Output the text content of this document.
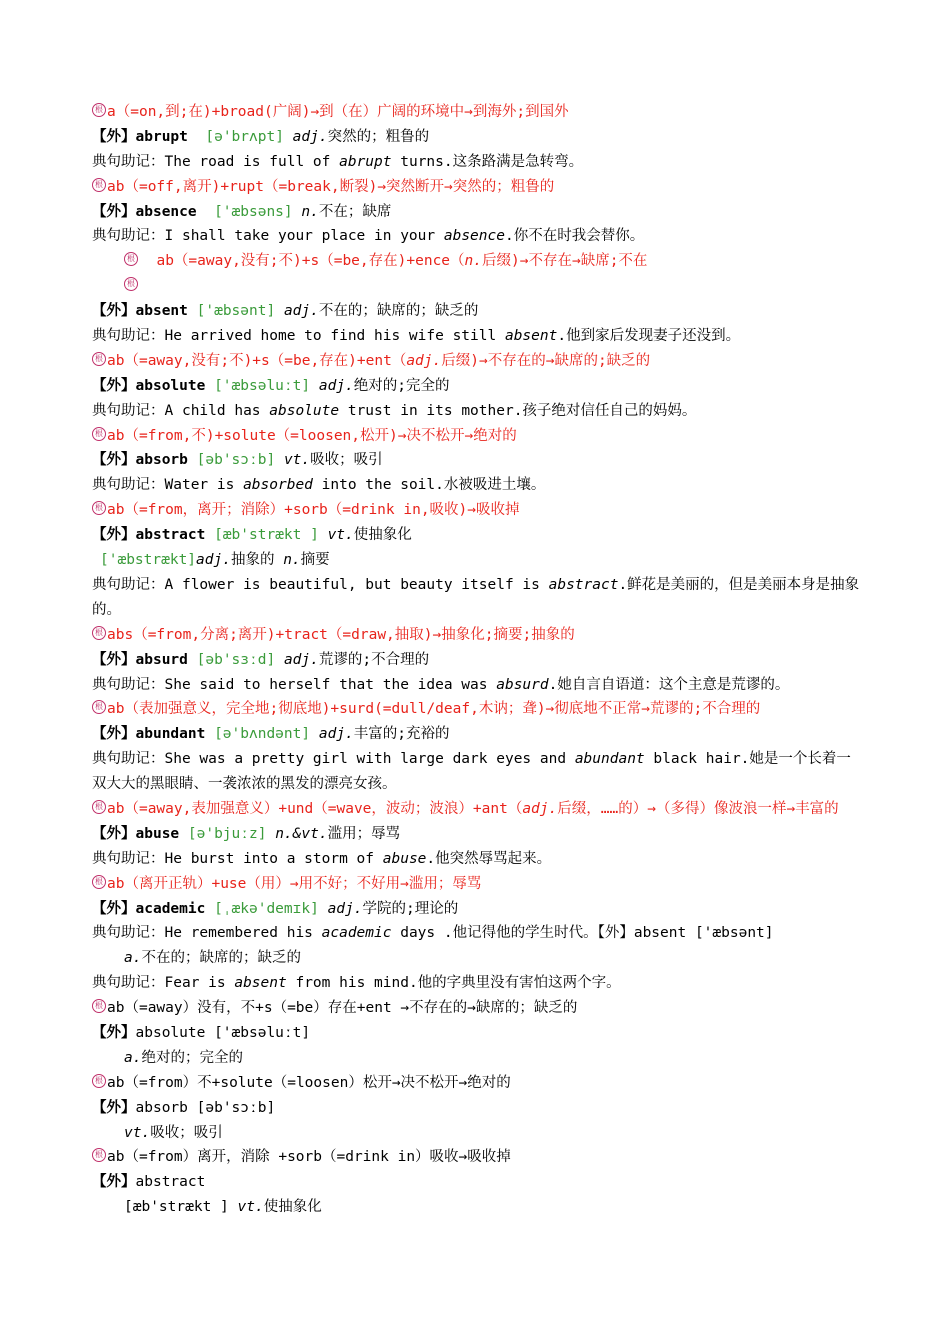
根 a（=on,到;在)+broad(广阔)→到（在）广阔的环境中→到海外;到国外
【外】abrupt [ə'brʌpt] adj.突然的；粗鲁的
典句助记：The road is full of abrupt turns.这条路满是急转弯。
根 ab（=off,离开)+rupt（=break,断裂)→突然断开→突然的；粗鲁的
【外】absence ['æbsəns] n.不在；缺席
典句助记：I shall take your place in your absence.你不在时我会替你。
根 ab（=away,没有;不)+s（=be,存在)+ence（n.后缀)→不存在→缺席;不在
根
【外】absent ['æbsənt] adj.不在的；缺席的；缺乏的
典句助记：He arrived home to find his wife still absent.他到家后发现妻子还没到。
根 ab（=away,没有;不)+s（=be,存在)+ent（adj.后缀)→不存在的→缺席的;缺乏的
【外】absolute ['æbsəluːt] adj.绝对的;完全的
典句助记：A child has absolute trust in its mother.孩子绝对信任自己的妈妈。
根 ab（=from,不)+solute（=loosen,松开)→决不松开→绝对的
【外】absorb [əb'sɔːb] vt.吸收；吸引
典句助记：Water is absorbed into the soil.水被吸进土壤。
根 ab（=from，离开；消除）+sorb（=drink in,吸收)→吸收掉
【外】abstract [æb'strækt ] vt.使抽象化
['æbstrækt]adj.抽象的 n.摘要
典句助记：A flower is beautiful, but beauty itself is abstract.鲜花是美丽的，但是美丽本身是抽象的。
根 abs（=from,分离;离开)+tract（=draw,抽取)→抽象化;摘要;抽象的
【外】absurd [əb'sɜːd] adj.荒谬的;不合理的
典句助记：She said to herself that the idea was absurd.她自言自语道：这个主意是荒谬的。
根 ab（表加强意义，完全地;彻底地)+surd(=dull/deaf,木讷；聋)→彻底地不正常→荒谬的;不合理的
【外】abundant [ə'bʌndənt] adj.丰富的;充裕的
典句助记：She was a pretty girl with large dark eyes and abundant black hair.她是一个长着一双大大的黑眼睛、一袭浓浓的黑发的漂亮女孩。
根 ab（=away,表加强意义）+und（=wave，波动；波浪）+ant（adj.后缀，……的）→（多得）像波浪一样→丰富的
【外】abuse [ə'bjuːz] n.&vt.滥用；辱骂
典句助记：He burst into a storm of abuse.他突然辱骂起来。
根 ab（离开正轨）+use（用）→用不好；不好用→滥用；辱骂
【外】academic [ˌækə'demɪk] adj.学院的;理论的
典句助记：He remembered his academic days .他记得他的学生时代。【外】absent ['æbsənt]
a.不在的；缺席的；缺乏的
典句助记：Fear is absent from his mind.他的字典里没有害怕这两个字。
根 ab（=away）没有，不+s（=be）存在+ent →不存在的→缺席的；缺乏的
【外】absolute ['æbsəluːt]
a.绝对的；完全的
根 ab（=from）不+solute（=loosen）松开→决不松开→绝对的
【外】absorb [əb'sɔːb]
vt.吸收；吸引
根 ab（=from）离开，消除 +sorb（=drink in）吸收→吸收掉
【外】abstract
[æb'strækt ] vt.使抽象化
